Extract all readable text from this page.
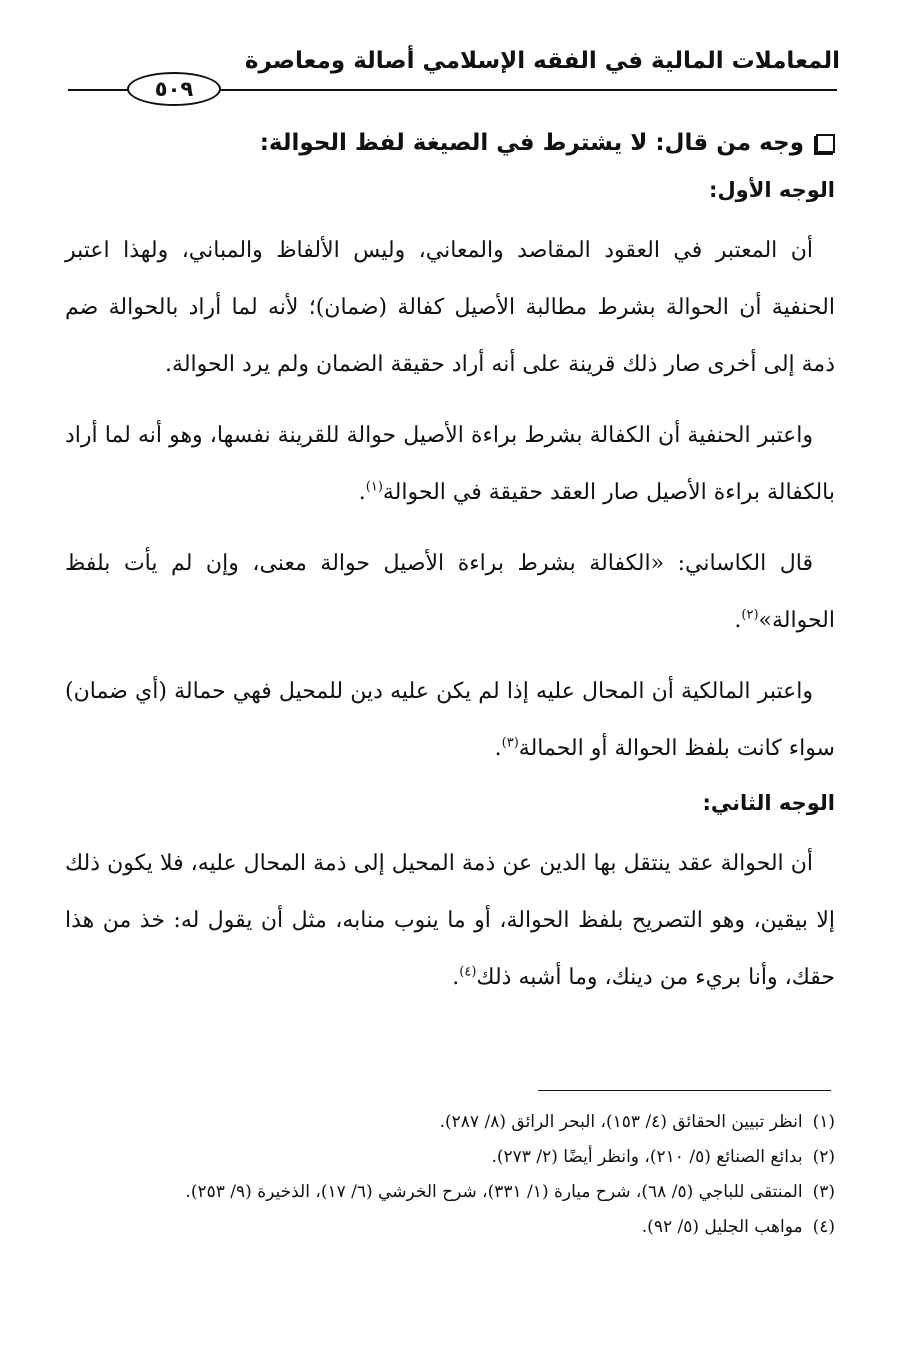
المعاملات المالية في الفقه الإسلامي أصالة ومعاصرة
٥٠٩
وجه من قال: لا يشترط في الصيغة لفظ الحوالة:
الوجه الأول:

أن المعتبر في العقود المقاصد والمعاني، وليس الألفاظ والمباني، ولهذا اعتبر الحنفية أن الحوالة بشرط مطالبة الأصيل كفالة (ضمان)؛ لأنه لما أراد بالحوالة ضم ذمة إلى أخرى صار ذلك قرينة على أنه أراد حقيقة الضمان ولم يرد الحوالة.

واعتبر الحنفية أن الكفالة بشرط براءة الأصيل حوالة للقرينة نفسها، وهو أنه لما أراد بالكفالة براءة الأصيل صار العقد حقيقة في الحوالة$^{(١)}$.

قال الكاساني: «الكفالة بشرط براءة الأصيل حوالة معنى، وإن لم يأت بلفظ الحوالة»$^{(٢)}$.

واعتبر المالكية أن المحال عليه إذا لم يكن عليه دين للمحيل فهي حمالة (أي ضمان) سواء كانت بلفظ الحوالة أو الحمالة$^{(٣)}$.

الوجه الثاني:

أن الحوالة عقد ينتقل بها الدين عن ذمة المحيل إلى ذمة المحال عليه، فلا يكون ذلك إلا بيقين، وهو التصريح بلفظ الحوالة، أو ما ينوب منابه، مثل أن يقول له: خذ من هذا حقك، وأنا بريء من دينك، وما أشبه ذلك$^{(٤)}$.

(١)انظر تبيين الحقائق (٤/ ١٥٣)، البحر الرائق (٨/ ٢٨٧).

(٢)بدائع الصنائع (٥/ ٢١٠)، وانظر أيضًا (٢/ ٢٧٣).

(٣)المنتقى للباجي (٥/ ٦٨)، شرح ميارة (١/ ٣٣١)، شرح الخرشي (٦/ ١٧)، الذخيرة (٩/ ٢٥٣).

(٤)مواهب الجليل (٥/ ٩٢).
